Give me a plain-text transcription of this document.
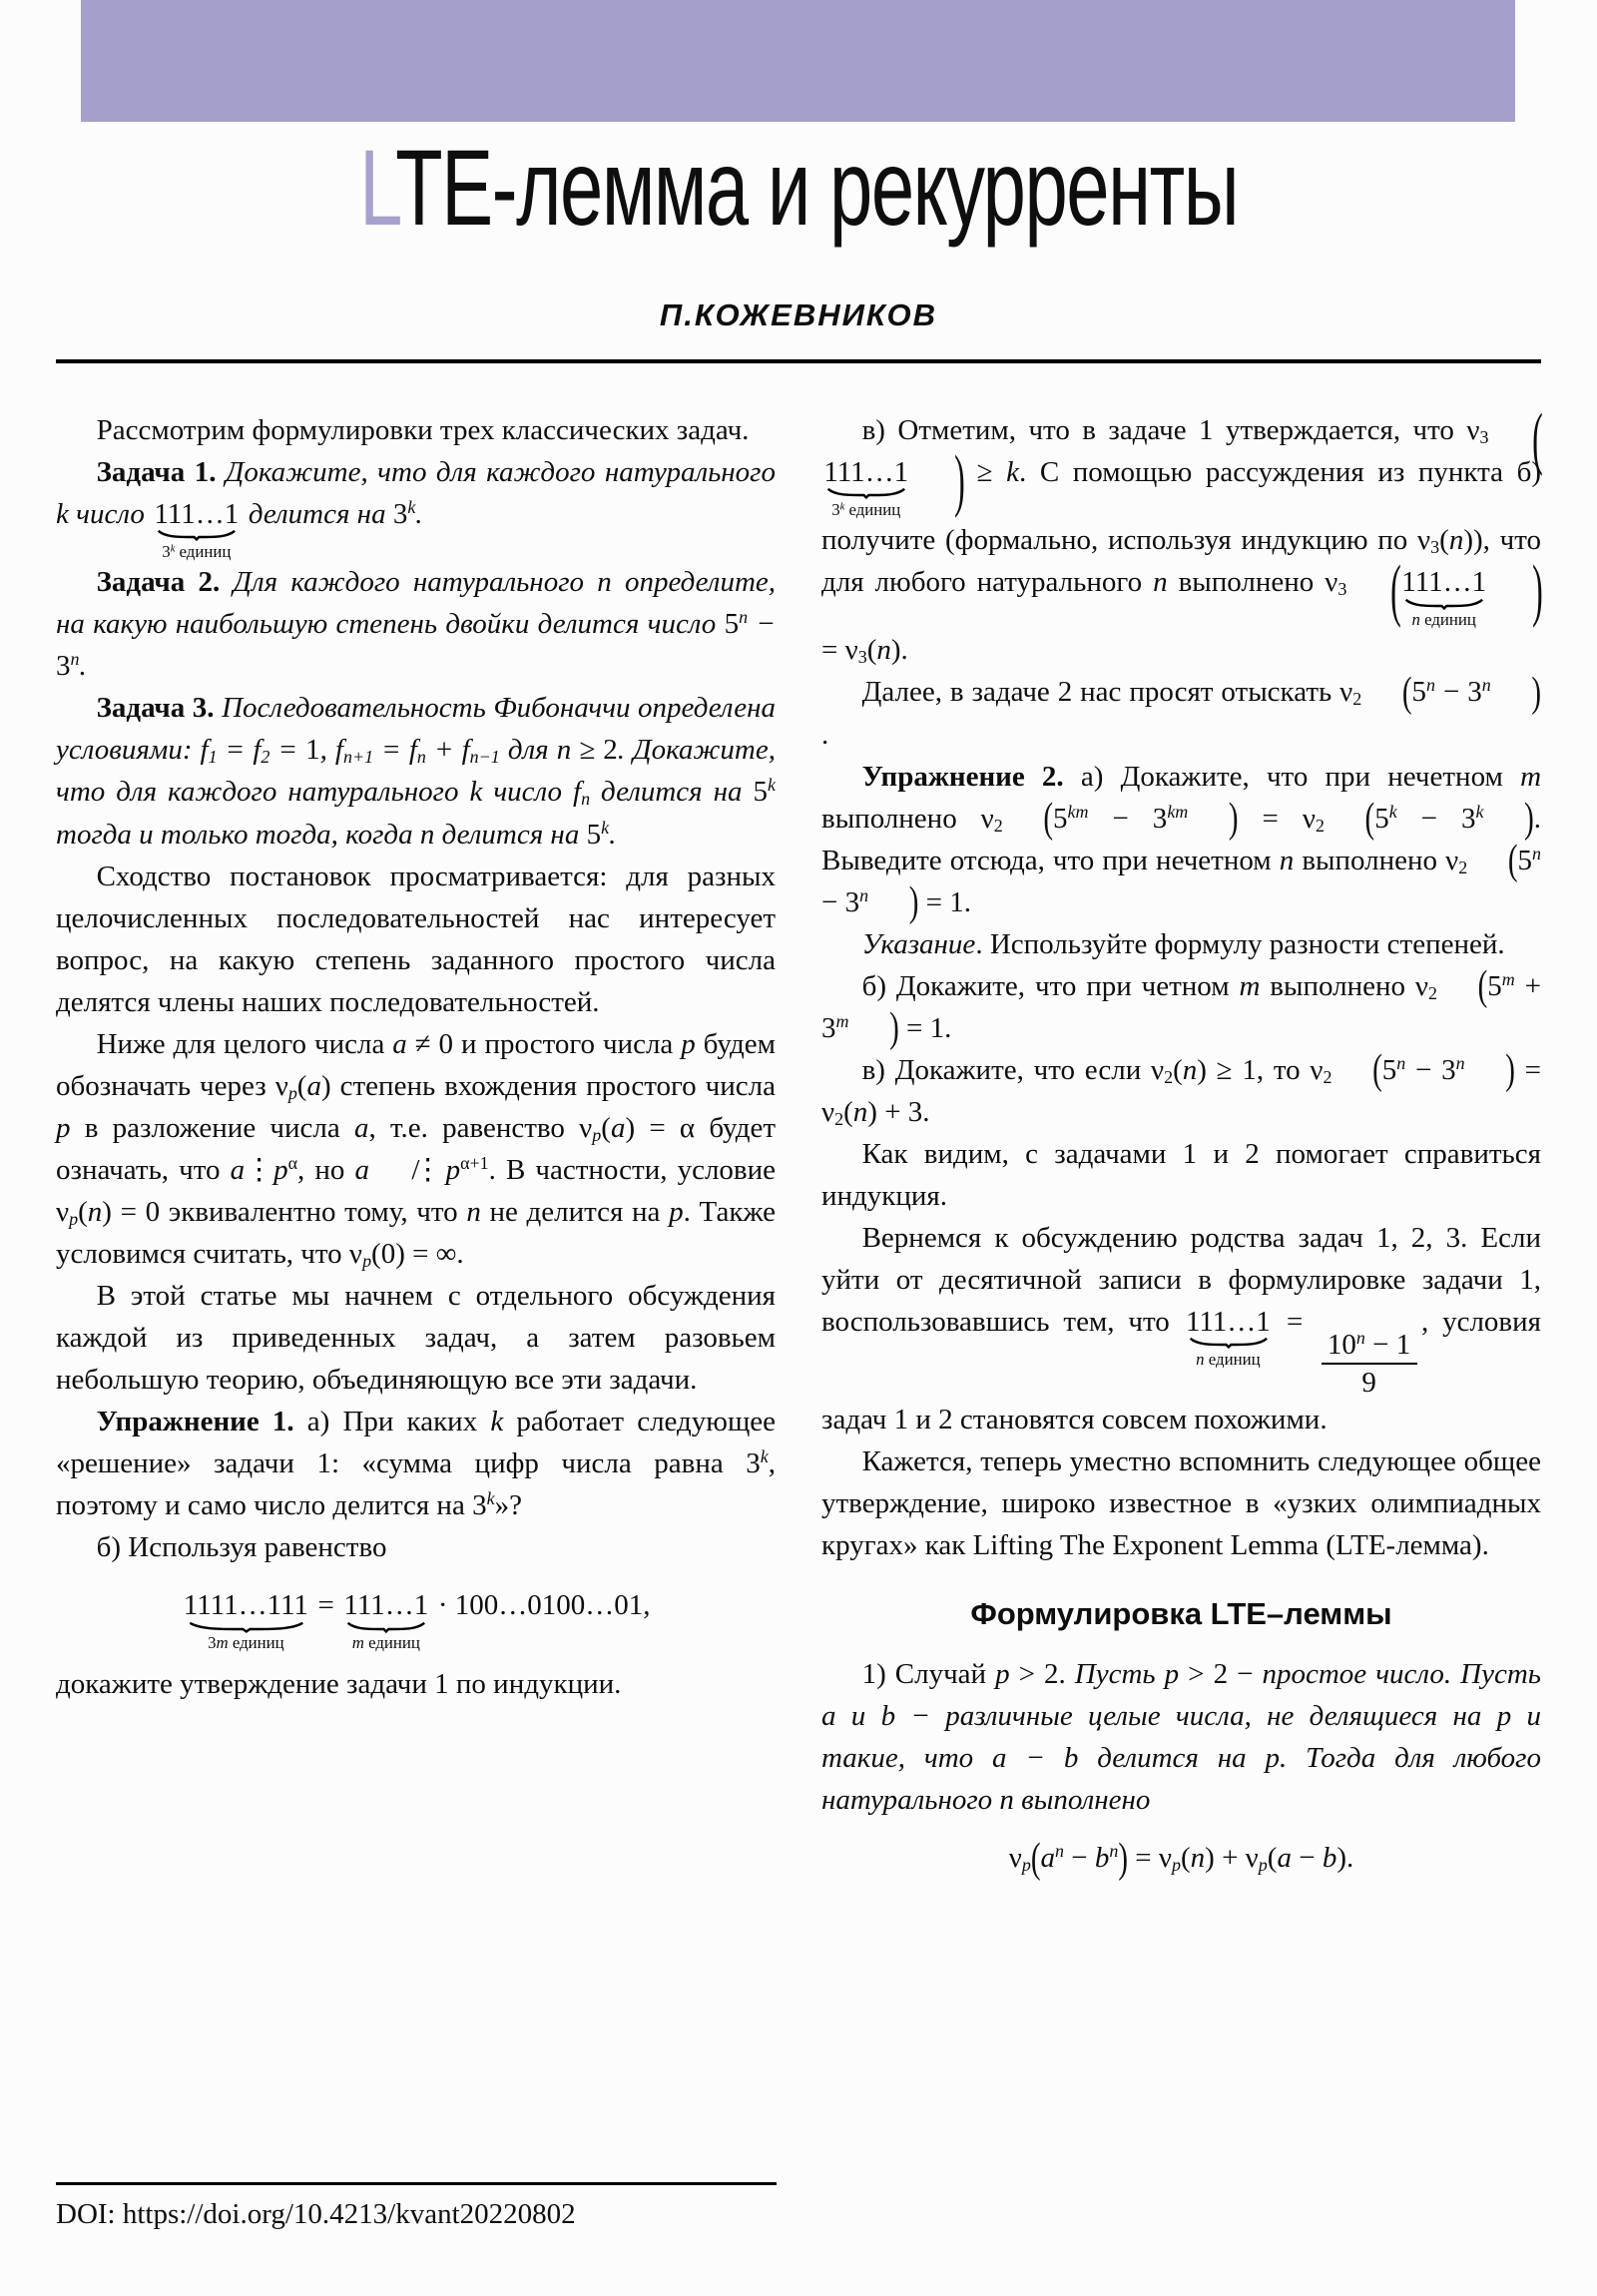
LTE-лемма и рекурренты
П.КОЖЕВНИКОВ

Рассмотрим формулировки трех классических задач.

Задача 1. Докажите, что для каждого натурального k число 111…1
3$^k$ единиц
делится на 3$^k$.

Задача 2. Для каждого натурального n определите, на какую наибольшую степень двойки делится число $5^n - 3^n$.

Задача 3. Последовательность Фибоначчи определена условиями: $f_1 = f_2 = 1$, $f_{n+1} = f_n + f_{n-1}$ для n ≥ 2. Докажите, что для каждого натурального k число $f_n$ делится на 5$^k$ тогда и только тогда, когда n делится на 5$^k$.

Сходство постановок просматривается: для разных целочисленных последовательностей нас интересует вопрос, на какую степень заданного простого числа делятся члены наших последовательностей.

Ниже для целого числа a ≠ 0 и простого числа p будем обозначать через $\nu_p(a)$ степень вхождения простого числа p в разложение числа a, т.е. равенство $\nu_p(a) = \alpha$ будет означать, что $a⋮p^\alpha$, но a ⋮ / $p^{\alpha+1}$. В частности, условие $\nu_p(n) = 0$ эквивалентно тому, что n не делится на p. Также условимся считать, что $\nu_p(0)$ = ∞.

В этой статье мы начнем с отдельного обсуждения каждой из приведенных задач, а затем разовьем небольшую теорию, объединяющую все эти задачи.

Упражнение 1. а) При каких k работает следующее «решение» задачи 1: «сумма цифр числа равна 3$^k$, поэтому и само число делится на 3$^k$»?

б) Используя равенство

1111…111
3m единиц
= 111…1
m единиц
· 100…0100…01,

докажите утверждение задачи 1 по индукции.

в) Отметим, что в задаче 1 утверждается, что $\nu_3$ (
111…1
3$^k$ единиц ) ≥ k. С помощью рассуждения из пункта б) получите (формально, используя индукцию по $\nu_3(n)$), что для любого натурального n выполнено $\nu_3$ ( 111…1
n единиц ) = $\nu_3(n)$.

Далее, в задаче 2 нас просят отыскать $\nu_2$ ($5^n - 3^n$ ).

Упражнение 2. а) Докажите, что при нечетном m выполнено $\nu_2$ ($5^{km} - 3^{km}$ ) = $\nu_2$ ($5^k - 3^k$ ). Выведите отсюда, что при нечетном n выполнено $\nu_2$ ($5^n - 3^n$ ) = 1.

Указание. Используйте формулу разности степеней.

б) Докажите, что при четном m выполнено $\nu_2$ ($5^m + 3^m$ ) = 1.

в) Докажите, что если $\nu_2(n) \ge 1$, то $\nu_2$ ($5^n - 3^n$ ) = $\nu_2(n) + 3$.

Как видим, с задачами 1 и 2 помогает справиться индукция.

Вернемся к обсуждению родства задач 1, 2, 3. Если уйти от десятичной записи в формулировке задачи 1, воспользовавшись тем, что 111…1
n единиц
=
$\frac{10^n - 1}{9}$
, условия задач 1 и 2 становятся совсем похожими.

Кажется, теперь уместно вспомнить следующее общее утверждение, широко известное в «узких олимпиадных кругах» как Lifting The Exponent Lemma (LTE-лемма).

Формулировка LTE–леммы

1) Случай p > 2. Пусть p > 2 − простое число. Пусть a и b − различные целые числа, не делящиеся на p и такие, что a − b делится на p. Тогда для любого натурального n выполнено

$\nu_p(a^n - b^n) = \nu_p(n) + \nu_p(a - b)$.
DOI: https://doi.org/10.4213/kvant20220802
